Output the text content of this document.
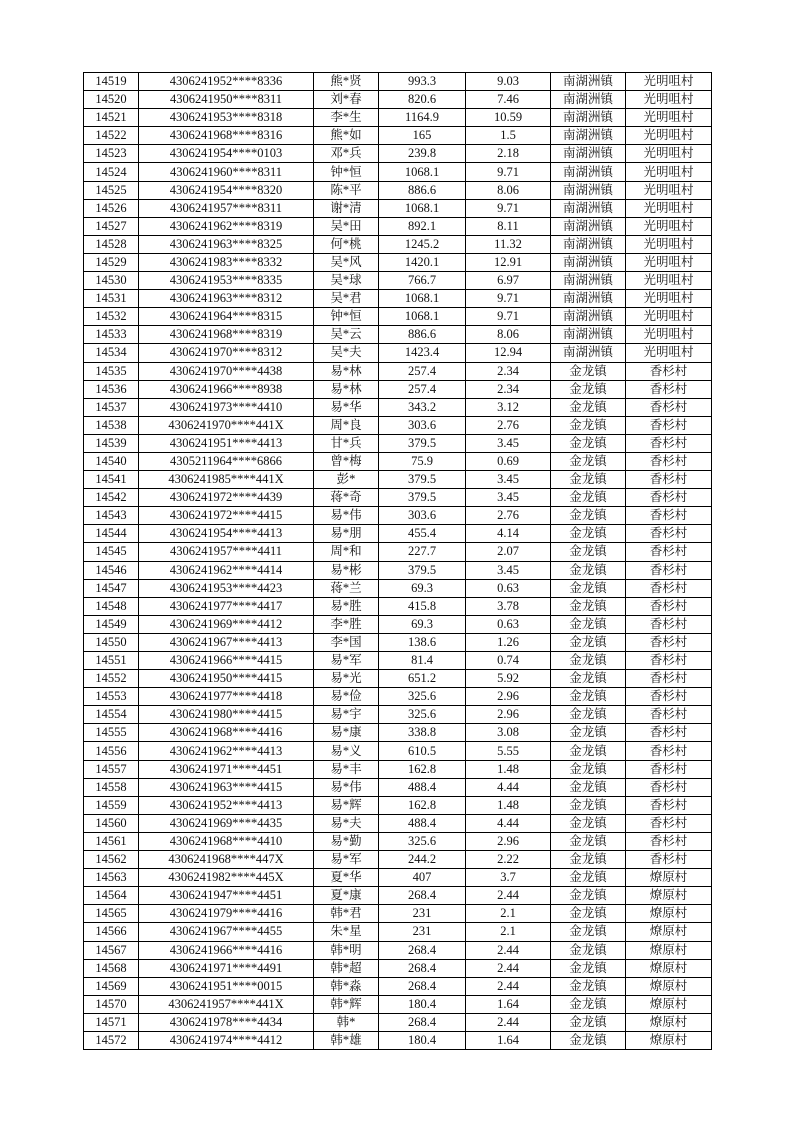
14519	4306241952****8336	熊*贤	993.3	9.03	南湖洲镇	光明咀村
14520	4306241950****8311	刘*春	820.6	7.46	南湖洲镇	光明咀村
14521	4306241953****8318	李*生	1164.9	10.59	南湖洲镇	光明咀村
14522	4306241968****8316	熊*如	165	1.5	南湖洲镇	光明咀村
14523	4306241954****0103	邓*兵	239.8	2.18	南湖洲镇	光明咀村
14524	4306241960****8311	钟*恒	1068.1	9.71	南湖洲镇	光明咀村
14525	4306241954****8320	陈*平	886.6	8.06	南湖洲镇	光明咀村
14526	4306241957****8311	谢*清	1068.1	9.71	南湖洲镇	光明咀村
14527	4306241962****8319	吴*田	892.1	8.11	南湖洲镇	光明咀村
14528	4306241963****8325	何*桃	1245.2	11.32	南湖洲镇	光明咀村
14529	4306241983****8332	吴*风	1420.1	12.91	南湖洲镇	光明咀村
14530	4306241953****8335	吴*球	766.7	6.97	南湖洲镇	光明咀村
14531	4306241963****8312	吴*君	1068.1	9.71	南湖洲镇	光明咀村
14532	4306241964****8315	钟*恒	1068.1	9.71	南湖洲镇	光明咀村
14533	4306241968****8319	吴*云	886.6	8.06	南湖洲镇	光明咀村
14534	4306241970****8312	吴*夫	1423.4	12.94	南湖洲镇	光明咀村
14535	4306241970****4438	易*林	257.4	2.34	金龙镇	香杉村
14536	4306241966****8938	易*林	257.4	2.34	金龙镇	香杉村
14537	4306241973****4410	易*华	343.2	3.12	金龙镇	香杉村
14538	4306241970****441X	周*良	303.6	2.76	金龙镇	香杉村
14539	4306241951****4413	甘*兵	379.5	3.45	金龙镇	香杉村
14540	4305211964****6866	曾*梅	75.9	0.69	金龙镇	香杉村
14541	4306241985****441X	彭*	379.5	3.45	金龙镇	香杉村
14542	4306241972****4439	蒋*奇	379.5	3.45	金龙镇	香杉村
14543	4306241972****4415	易*伟	303.6	2.76	金龙镇	香杉村
14544	4306241954****4413	易*朋	455.4	4.14	金龙镇	香杉村
14545	4306241957****4411	周*和	227.7	2.07	金龙镇	香杉村
14546	4306241962****4414	易*彬	379.5	3.45	金龙镇	香杉村
14547	4306241953****4423	蒋*兰	69.3	0.63	金龙镇	香杉村
14548	4306241977****4417	易*胜	415.8	3.78	金龙镇	香杉村
14549	4306241969****4412	李*胜	69.3	0.63	金龙镇	香杉村
14550	4306241967****4413	李*国	138.6	1.26	金龙镇	香杉村
14551	4306241966****4415	易*军	81.4	0.74	金龙镇	香杉村
14552	4306241950****4415	易*光	651.2	5.92	金龙镇	香杉村
14553	4306241977****4418	易*俭	325.6	2.96	金龙镇	香杉村
14554	4306241980****4415	易*宇	325.6	2.96	金龙镇	香杉村
14555	4306241968****4416	易*康	338.8	3.08	金龙镇	香杉村
14556	4306241962****4413	易*义	610.5	5.55	金龙镇	香杉村
14557	4306241971****4451	易*丰	162.8	1.48	金龙镇	香杉村
14558	4306241963****4415	易*伟	488.4	4.44	金龙镇	香杉村
14559	4306241952****4413	易*辉	162.8	1.48	金龙镇	香杉村
14560	4306241969****4435	易*夫	488.4	4.44	金龙镇	香杉村
14561	4306241968****4410	易*勤	325.6	2.96	金龙镇	香杉村
14562	4306241968****447X	易*军	244.2	2.22	金龙镇	香杉村
14563	4306241982****445X	夏*华	407	3.7	金龙镇	燎原村
14564	4306241947****4451	夏*康	268.4	2.44	金龙镇	燎原村
14565	4306241979****4416	韩*君	231	2.1	金龙镇	燎原村
14566	4306241967****4455	朱*星	231	2.1	金龙镇	燎原村
14567	4306241966****4416	韩*明	268.4	2.44	金龙镇	燎原村
14568	4306241971****4491	韩*超	268.4	2.44	金龙镇	燎原村
14569	4306241951****0015	韩*淼	268.4	2.44	金龙镇	燎原村
14570	4306241957****441X	韩*辉	180.4	1.64	金龙镇	燎原村
14571	4306241978****4434	韩*	268.4	2.44	金龙镇	燎原村
14572	4306241974****4412	韩*雄	180.4	1.64	金龙镇	燎原村
